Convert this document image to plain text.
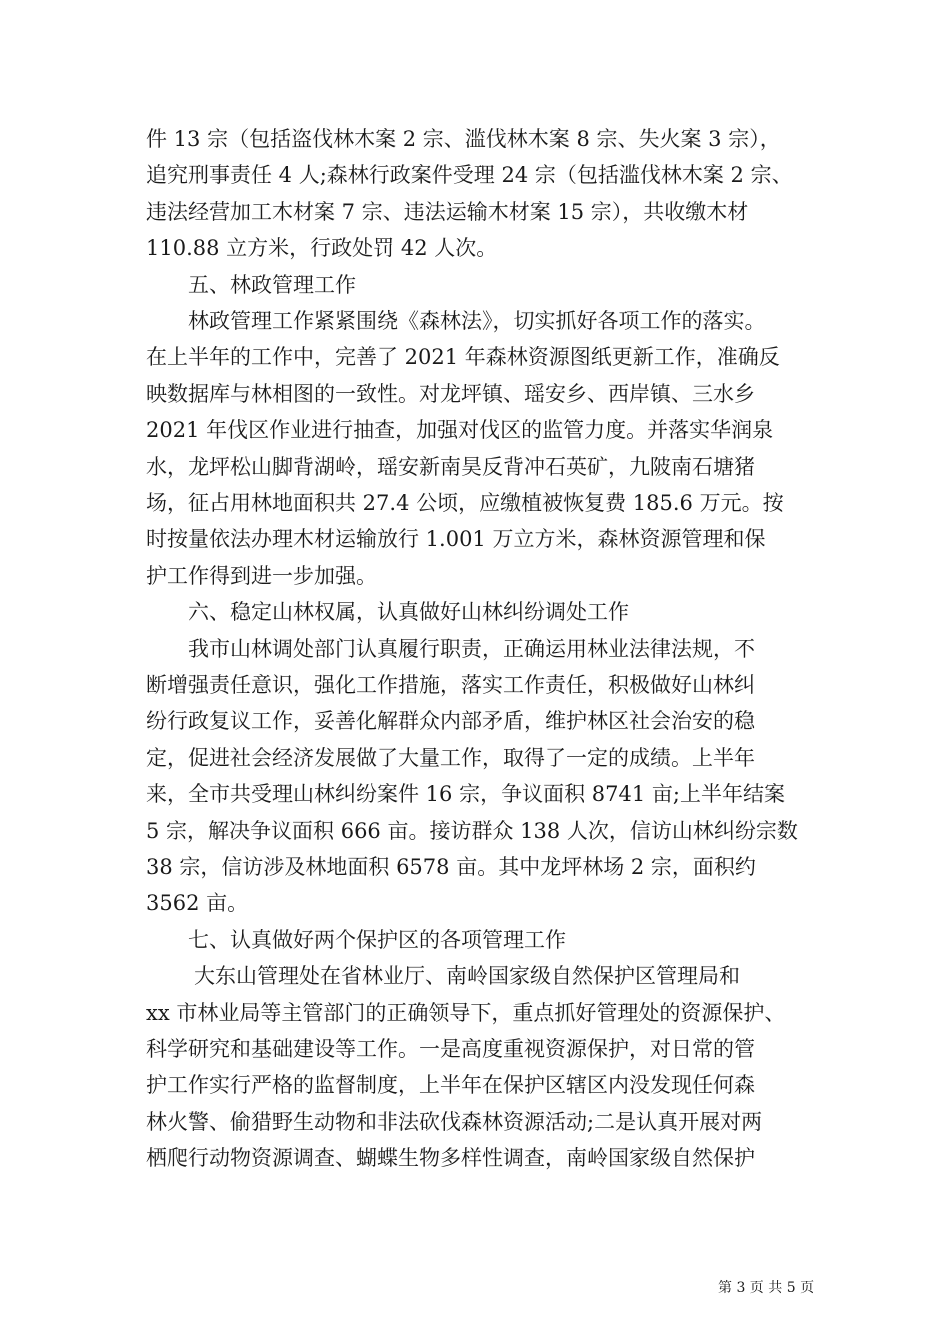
件 13 宗（包括盗伐林木案 2 宗、滥伐林木案 8 宗、失火案 3 宗），
追究刑事责任 4 人;森林行政案件受理 24 宗（包括滥伐林木案 2 宗、
违法经营加工木材案 7 宗、违法运输木材案 15 宗），共收缴木材
110.88 立方米，行政处罚 42 人次。
五、林政管理工作
林政管理工作紧紧围绕《森林法》，切实抓好各项工作的落实。
在上半年的工作中，完善了 2021 年森林资源图纸更新工作，准确反
映数据库与林相图的一致性。对龙坪镇、瑶安乡、西岸镇、三水乡
2021 年伐区作业进行抽查，加强对伐区的监管力度。并落实华润泉
水，龙坪松山脚背湖岭，瑶安新南昊反背冲石英矿，九陂南石塘猪
场，征占用林地面积共 27.4 公顷，应缴植被恢复费 185.6 万元。按
时按量依法办理木材运输放行 1.001 万立方米，森林资源管理和保
护工作得到进一步加强。
六、稳定山林权属，认真做好山林纠纷调处工作
我市山林调处部门认真履行职责，正确运用林业法律法规，不
断增强责任意识，强化工作措施，落实工作责任，积极做好山林纠
纷行政复议工作，妥善化解群众内部矛盾，维护林区社会治安的稳
定，促进社会经济发展做了大量工作，取得了一定的成绩。上半年
来，全市共受理山林纠纷案件 16 宗，争议面积 8741 亩;上半年结案
5 宗，解决争议面积 666 亩。接访群众 138 人次，信访山林纠纷宗数
38 宗，信访涉及林地面积 6578 亩。其中龙坪林场 2 宗，面积约
3562 亩。
七、认真做好两个保护区的各项管理工作
大东山管理处在省林业厅、南岭国家级自然保护区管理局和
xx 市林业局等主管部门的正确领导下，重点抓好管理处的资源保护、
科学研究和基础建设等工作。一是高度重视资源保护，对日常的管
护工作实行严格的监督制度，上半年在保护区辖区内没发现任何森
林火警、偷猎野生动物和非法砍伐森林资源活动;二是认真开展对两
栖爬行动物资源调查、蝴蝶生物多样性调查，南岭国家级自然保护
第 3 页 共 5 页
